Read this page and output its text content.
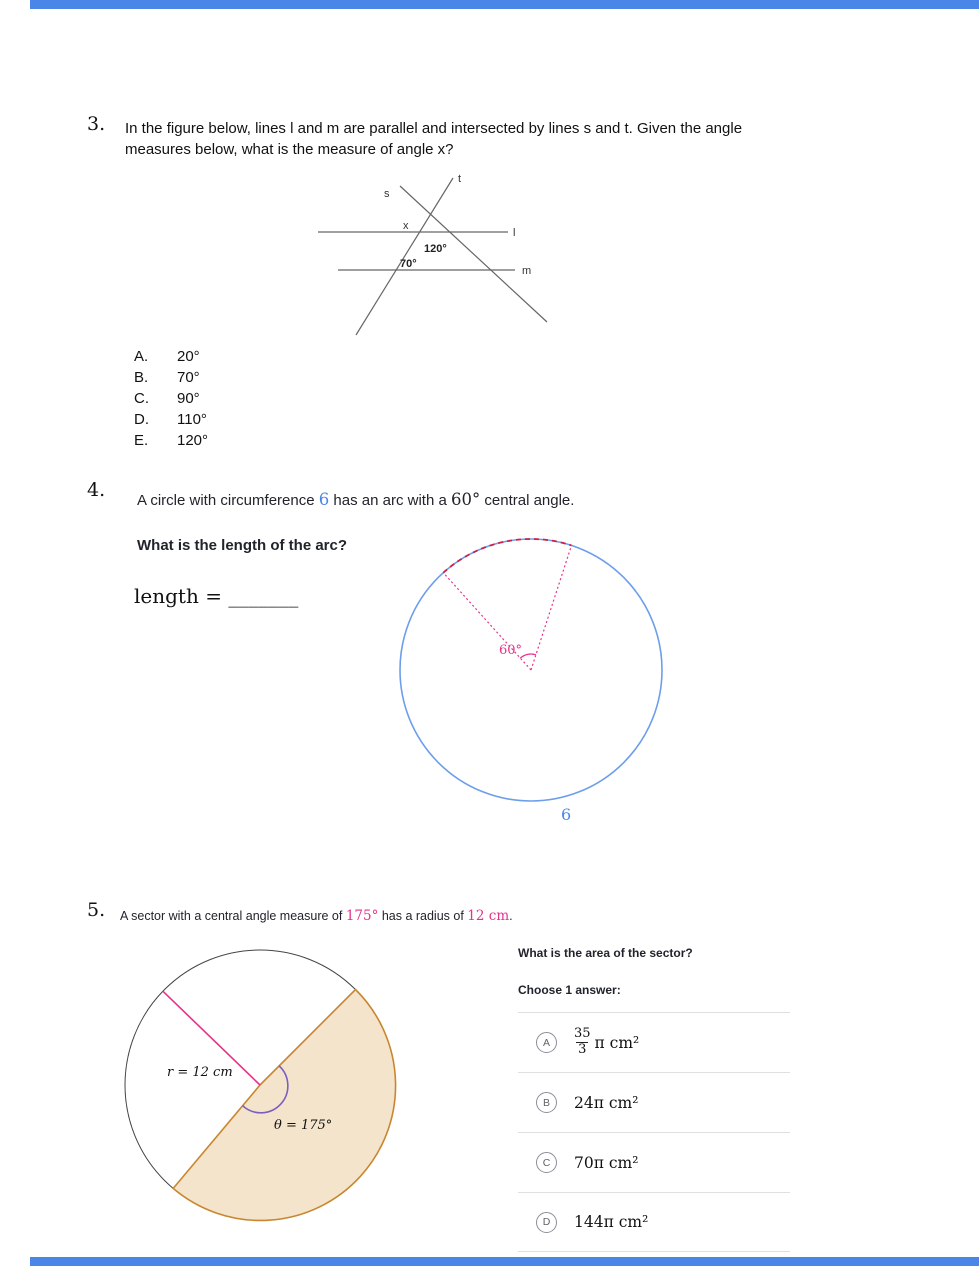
3. In the figure below, lines l and m are parallel and intersected by lines s and t. Given the angle measures below, what is the measure of angle x?
t
s
x
l
m
120°
70°
A.	20°
B.	70°
C.	90°
D.	110°
E.	120°
4. A circle with circumference 6 has an arc with a 60° central angle.
What is the length of the arc?
length = _______
60°
6
5. A sector with a central angle measure of 175° has a radius of 12 cm.
r = 12 cm
θ = 175°
What is the area of the sector?
Choose 1 answer:
A	$\frac{35}{3}$ π cm²
B	24π cm²
C	70π cm²
D	144π cm²
